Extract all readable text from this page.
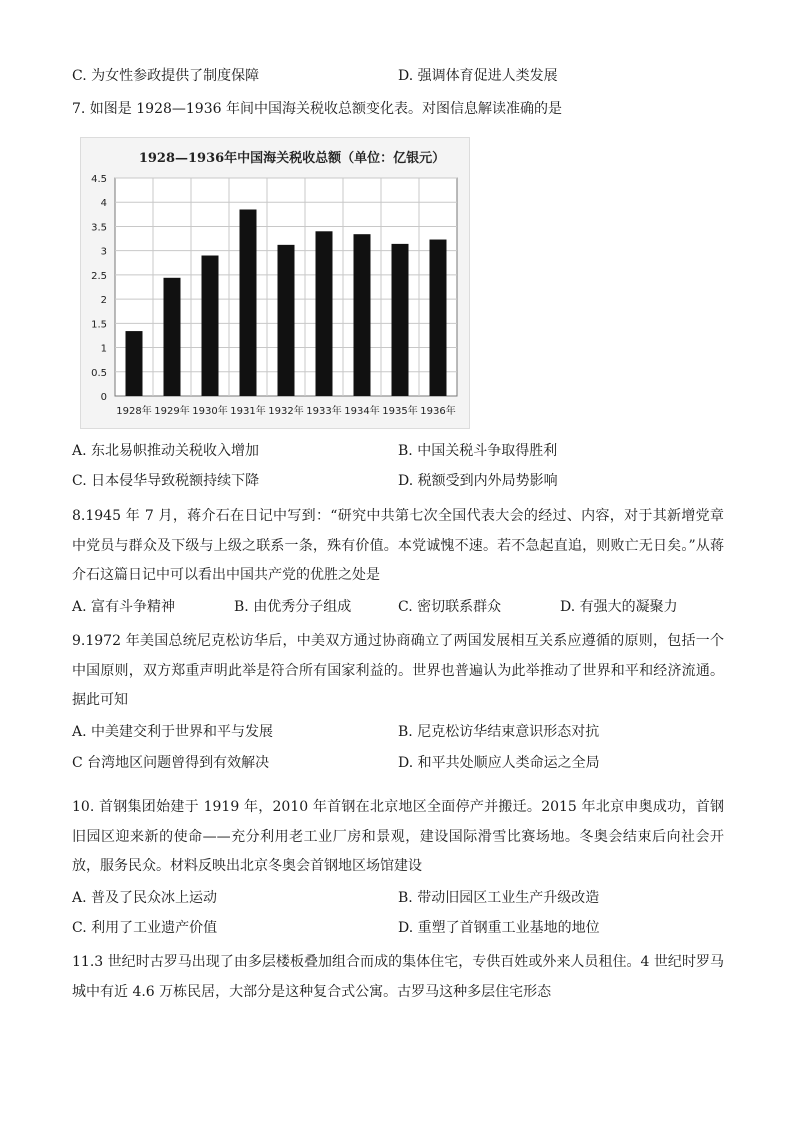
C. 为女性参政提供了制度保障	D. 强调体育促进人类发展
7. 如图是 1928—1936 年间中国海关税收总额变化表。对图信息解读准确的是
1928—1936年中国海关税收总额（单位：亿银元）
0
0.5
1
1.5
2
2.5
3
3.5
4
4.5
1928年 1929年 1930年 1931年 1932年 1933年 1934年 1935年 1936年
A. 东北易帜推动关税收入增加	B. 中国关税斗争取得胜利
C. 日本侵华导致税额持续下降	D. 税额受到内外局势影响
8.1945 年 7 月，蒋介石在日记中写到：“研究中共第七次全国代表大会的经过、内容，对于其新增党章中党员与群众及下级与上级之联系一条，殊有价值。本党诚愧不速。若不急起直追，则败亡无日矣。”从蒋介石这篇日记中可以看出中国共产党的优胜之处是
A. 富有斗争精神	B. 由优秀分子组成	C. 密切联系群众	D. 有强大的凝聚力
9.1972 年美国总统尼克松访华后，中美双方通过协商确立了两国发展相互关系应遵循的原则，包括一个中国原则，双方郑重声明此举是符合所有国家利益的。世界也普遍认为此举推动了世界和平和经济流通。据此可知
A. 中美建交利于世界和平与发展	B. 尼克松访华结束意识形态对抗
C 台湾地区问题曾得到有效解决	D. 和平共处顺应人类命运之全局
10. 首钢集团始建于 1919 年，2010 年首钢在北京地区全面停产并搬迁。2015 年北京申奥成功，首钢旧园区迎来新的使命——充分利用老工业厂房和景观，建设国际滑雪比赛场地。冬奥会结束后向社会开放，服务民众。材料反映出北京冬奥会首钢地区场馆建设
A. 普及了民众冰上运动	B. 带动旧园区工业生产升级改造
C. 利用了工业遗产价值	D. 重塑了首钢重工业基地的地位
11.3 世纪时古罗马出现了由多层楼板叠加组合而成的集体住宅，专供百姓或外来人员租住。4 世纪时罗马城中有近 4.6 万栋民居，大部分是这种复合式公寓。古罗马这种多层住宅形态
